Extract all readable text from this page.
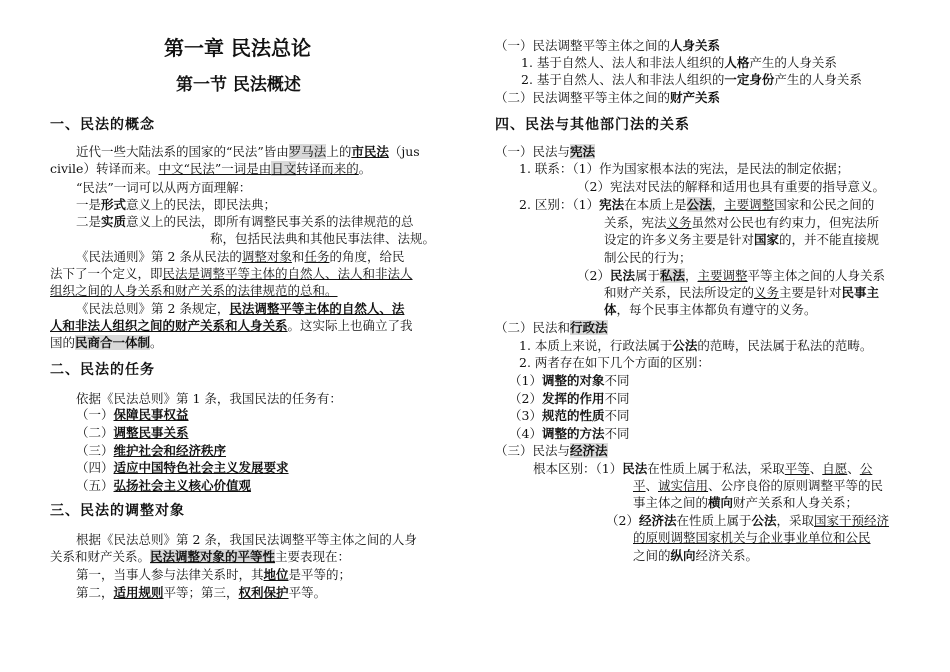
第一章 民法总论
第一节 民法概述
一、民法的概念
近代一些大陆法系的国家的“民法”皆由罗马法上的市民法（jus
civile）转译而来。中文“民法”一词是由日文转译而来的。
“民法”一词可以从两方面理解：
一是形式意义上的民法，即民法典；
二是实质意义上的民法，即所有调整民事关系的法律规范的总
称，包括民法典和其他民事法律、法规。
《民法通则》第 2 条从民法的调整对象和任务的角度，给民
法下了一个定义，即民法是调整平等主体的自然人、法人和非法人
组织之间的人身关系和财产关系的法律规范的总和。
《民法总则》第 2 条规定，民法调整平等主体的自然人、法
人和非法人组织之间的财产关系和人身关系。这实际上也确立了我
国的民商合一体制。
二、民法的任务
依据《民法总则》第 1 条，我国民法的任务有：
（一）保障民事权益
（二）调整民事关系
（三）维护社会和经济秩序
（四）适应中国特色社会主义发展要求
（五）弘扬社会主义核心价值观
三、民法的调整对象
根据《民法总则》第 2 条，我国民法调整平等主体之间的人身
关系和财产关系。民法调整对象的平等性主要表现在：
第一，当事人参与法律关系时，其地位是平等的；
第二，适用规则平等；第三，权利保护平等。
（一）民法调整平等主体之间的人身关系
1. 基于自然人、法人和非法人组织的人格产生的人身关系
2. 基于自然人、法人和非法人组织的一定身份产生的人身关系
（二）民法调整平等主体之间的财产关系
四、民法与其他部门法的关系
（一）民法与宪法
1. 联系：（1）作为国家根本法的宪法，是民法的制定依据；
（2）宪法对民法的解释和适用也具有重要的指导意义。
2. 区别：（1）宪法在本质上是公法，主要调整国家和公民之间的
关系，宪法义务虽然对公民也有约束力，但宪法所
设定的许多义务主要是针对国家的，并不能直接规
制公民的行为；
（2）民法属于私法，主要调整平等主体之间的人身关系
和财产关系，民法所设定的义务主要是针对民事主
体，每个民事主体都负有遵守的义务。
（二）民法和行政法
1. 本质上来说，行政法属于公法的范畴，民法属于私法的范畴。
2. 两者存在如下几个方面的区别：
（1）调整的对象不同
（2）发挥的作用不同
（3）规范的性质不同
（4）调整的方法不同
（三）民法与经济法
根本区别：（1）民法在性质上属于私法，采取平等、自愿、公
平、诚实信用、公序良俗的原则调整平等的民
事主体之间的横向财产关系和人身关系；
（2）经济法在性质上属于公法，采取国家干预经济
的原则调整国家机关与企业事业单位和公民
之间的纵向经济关系。
